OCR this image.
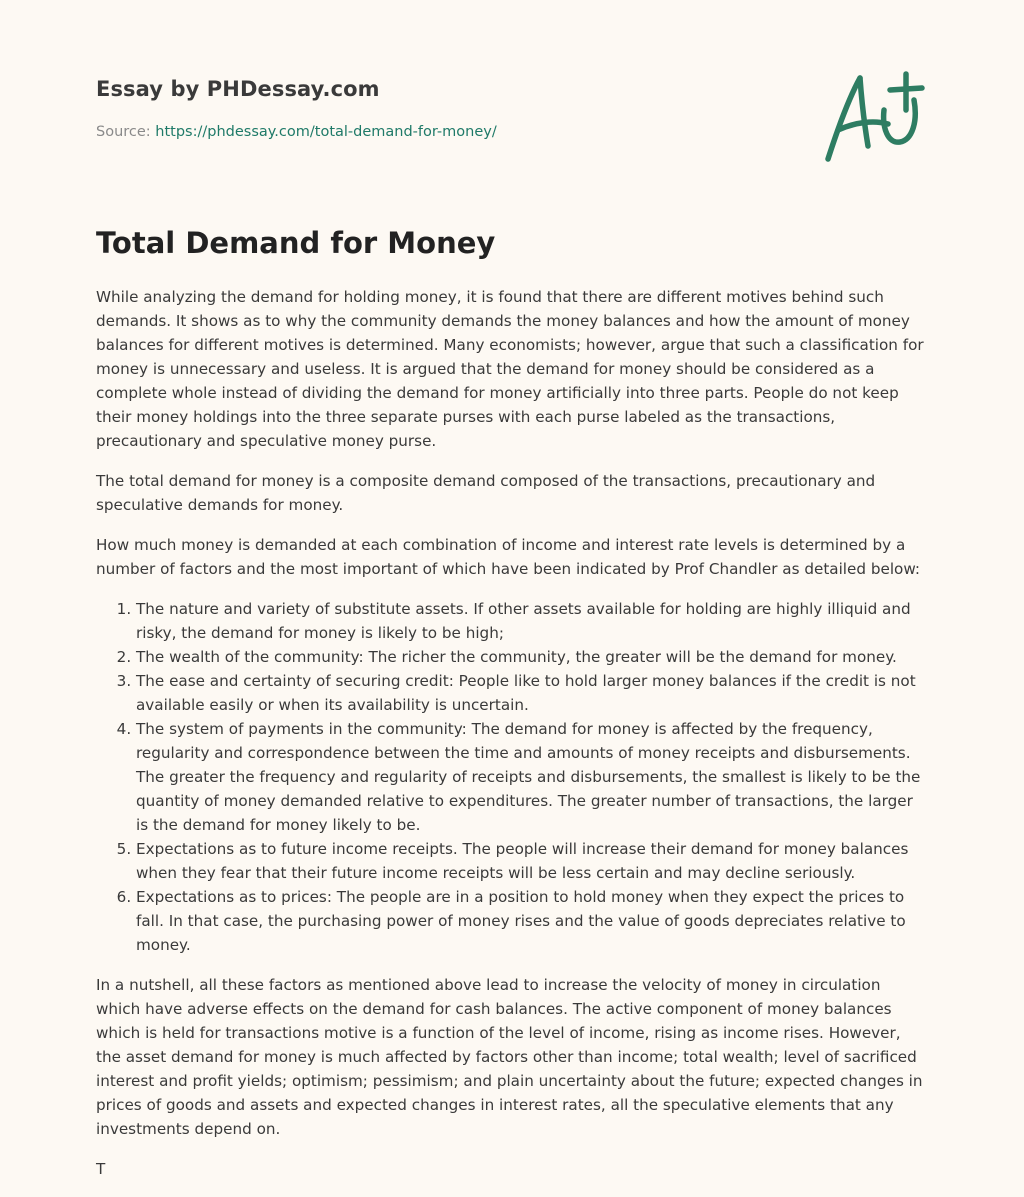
Essay by PHDessay.com
Source: https://phdessay.com/total-demand-for-money/
Total Demand for Money

While analyzing the demand for holding money, it is found that there are different motives behind such demands. It shows as to why the community demands the money balances and how the amount of money balances for different motives is determined. Many economists; however, argue that such a classification for money is unnecessary and useless. It is argued that the demand for money should be considered as a complete whole instead of dividing the demand for money artificially into three parts. People do not keep their money holdings into the three separate purses with each purse labeled as the transactions, precautionary and speculative money purse.

The total demand for money is a composite demand composed of the transactions, precautionary and speculative demands for money.

How much money is demanded at each combination of income and interest rate levels is determined by a number of factors and the most important of which have been indicated by Prof Chandler as detailed below:

1. The nature and variety of substitute assets. If other assets available for holding are highly illiquid and risky, the demand for money is likely to be high;
2. The wealth of the community: The richer the community, the greater will be the demand for money.
3. The ease and certainty of securing credit: People like to hold larger money balances if the credit is not available easily or when its availability is uncertain.
4. The system of payments in the community: The demand for money is affected by the frequency, regularity and correspondence between the time and amounts of money receipts and disbursements. The greater the frequency and regularity of receipts and disbursements, the smallest is likely to be the quantity of money demanded relative to expenditures. The greater number of transactions, the larger is the demand for money likely to be.
5. Expectations as to future income receipts. The people will increase their demand for money balances when they fear that their future income receipts will be less certain and may decline seriously.
6. Expectations as to prices: The people are in a position to hold money when they expect the prices to fall. In that case, the purchasing power of money rises and the value of goods depreciates relative to money.

In a nutshell, all these factors as mentioned above lead to increase the velocity of money in circulation which have adverse effects on the demand for cash balances. The active component of money balances which is held for transactions motive is a function of the level of income, rising as income rises. However, the asset demand for money is much affected by factors other than income; total wealth; level of sacrificed interest and profit yields; optimism; pessimism; and plain uncertainty about the future; expected changes in prices of goods and assets and expected changes in interest rates, all the speculative elements that any investments depend on.

T
